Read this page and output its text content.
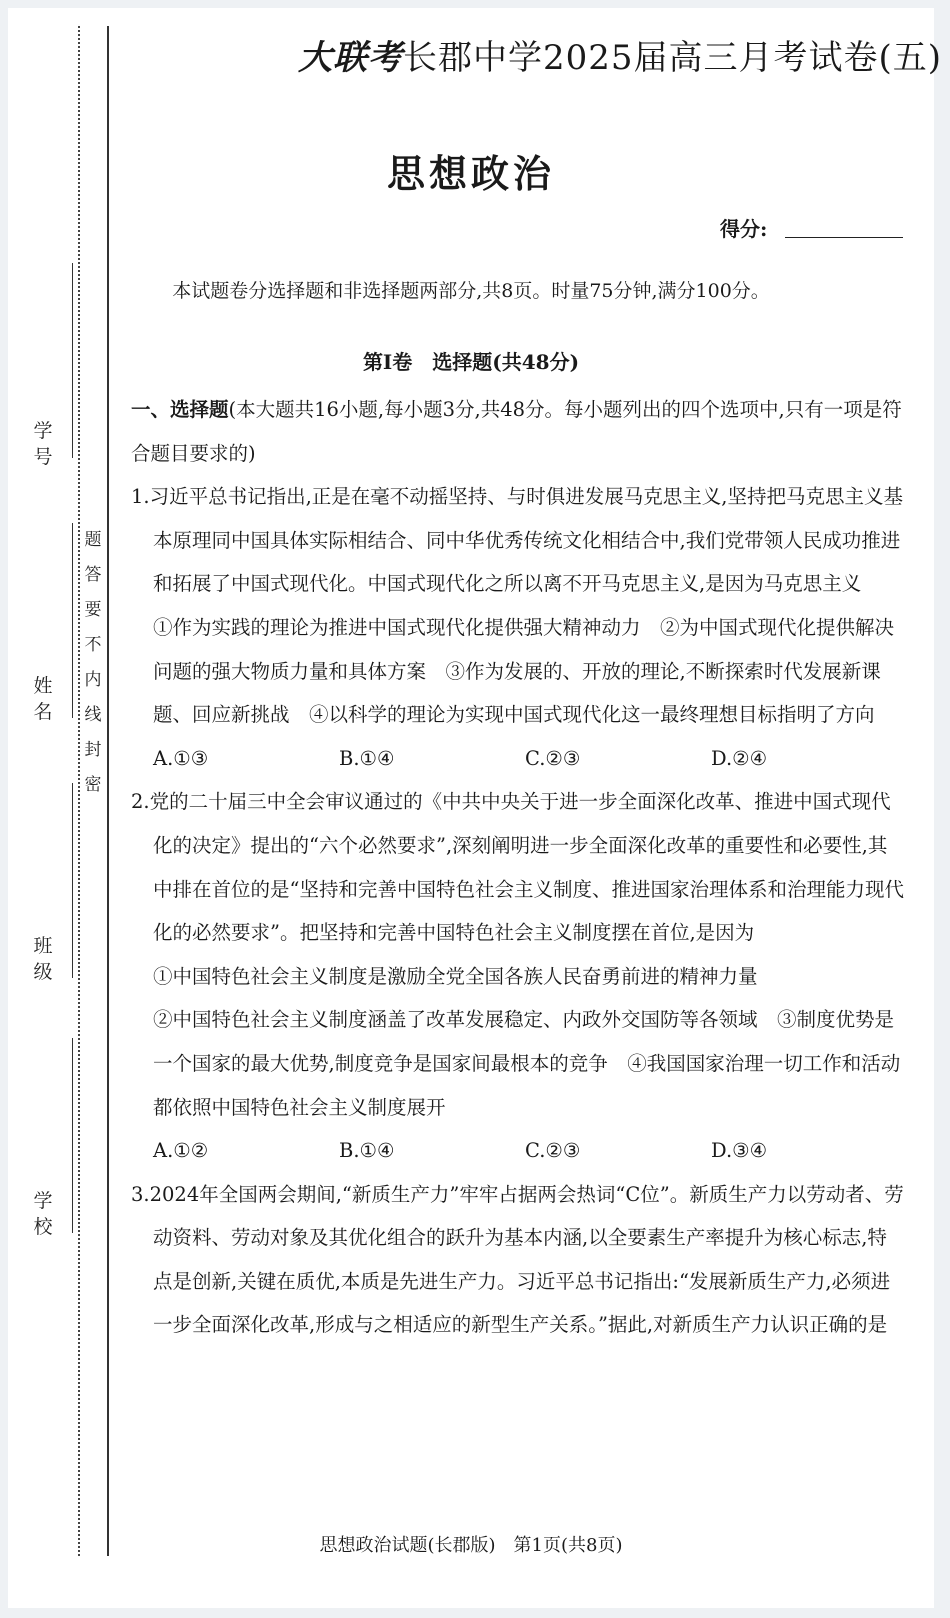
题
答
要
不
内
线
封
密
学号
姓名
班级
学校
大联考长郡中学2025届高三月考试卷(五)
思想政治
得分:
本试题卷分选择题和非选择题两部分,共8页。时量75分钟,满分100分。
第Ⅰ卷　选择题(共48分)

一、选择题(本大题共16小题,每小题3分,共48分。每小题列出的四个选项中,只有一项是符合题目要求的)

1.习近平总书记指出,正是在毫不动摇坚持、与时俱进发展马克思主义,坚持把马克思主义基本原理同中国具体实际相结合、同中华优秀传统文化相结合中,我们党带领人民成功推进和拓展了中国式现代化。中国式现代化之所以离不开马克思主义,是因为马克思主义

①作为实践的理论为推进中国式现代化提供强大精神动力　②为中国式现代化提供解决问题的强大物质力量和具体方案　③作为发展的、开放的理论,不断探索时代发展新课题、回应新挑战　④以科学的理论为实现中国式现代化这一最终理想目标指明了方向

A.①③	B.①④	C.②③	D.②④

2.党的二十届三中全会审议通过的《中共中央关于进一步全面深化改革、推进中国式现代化的决定》提出的“六个必然要求”,深刻阐明进一步全面深化改革的重要性和必要性,其中排在首位的是“坚持和完善中国特色社会主义制度、推进国家治理体系和治理能力现代化的必然要求”。把坚持和完善中国特色社会主义制度摆在首位,是因为

①中国特色社会主义制度是激励全党全国各族人民奋勇前进的精神力量

②中国特色社会主义制度涵盖了改革发展稳定、内政外交国防等各领域　③制度优势是一个国家的最大优势,制度竞争是国家间最根本的竞争　④我国国家治理一切工作和活动都依照中国特色社会主义制度展开

A.①②	B.①④	C.②③	D.③④

3.2024年全国两会期间,“新质生产力”牢牢占据两会热词“C位”。新质生产力以劳动者、劳动资料、劳动对象及其优化组合的跃升为基本内涵,以全要素生产率提升为核心标志,特点是创新,关键在质优,本质是先进生产力。习近平总书记指出:“发展新质生产力,必须进一步全面深化改革,形成与之相适应的新型生产关系。”据此,对新质生产力认识正确的是

思想政治试题(长郡版)　第1页(共8页)
